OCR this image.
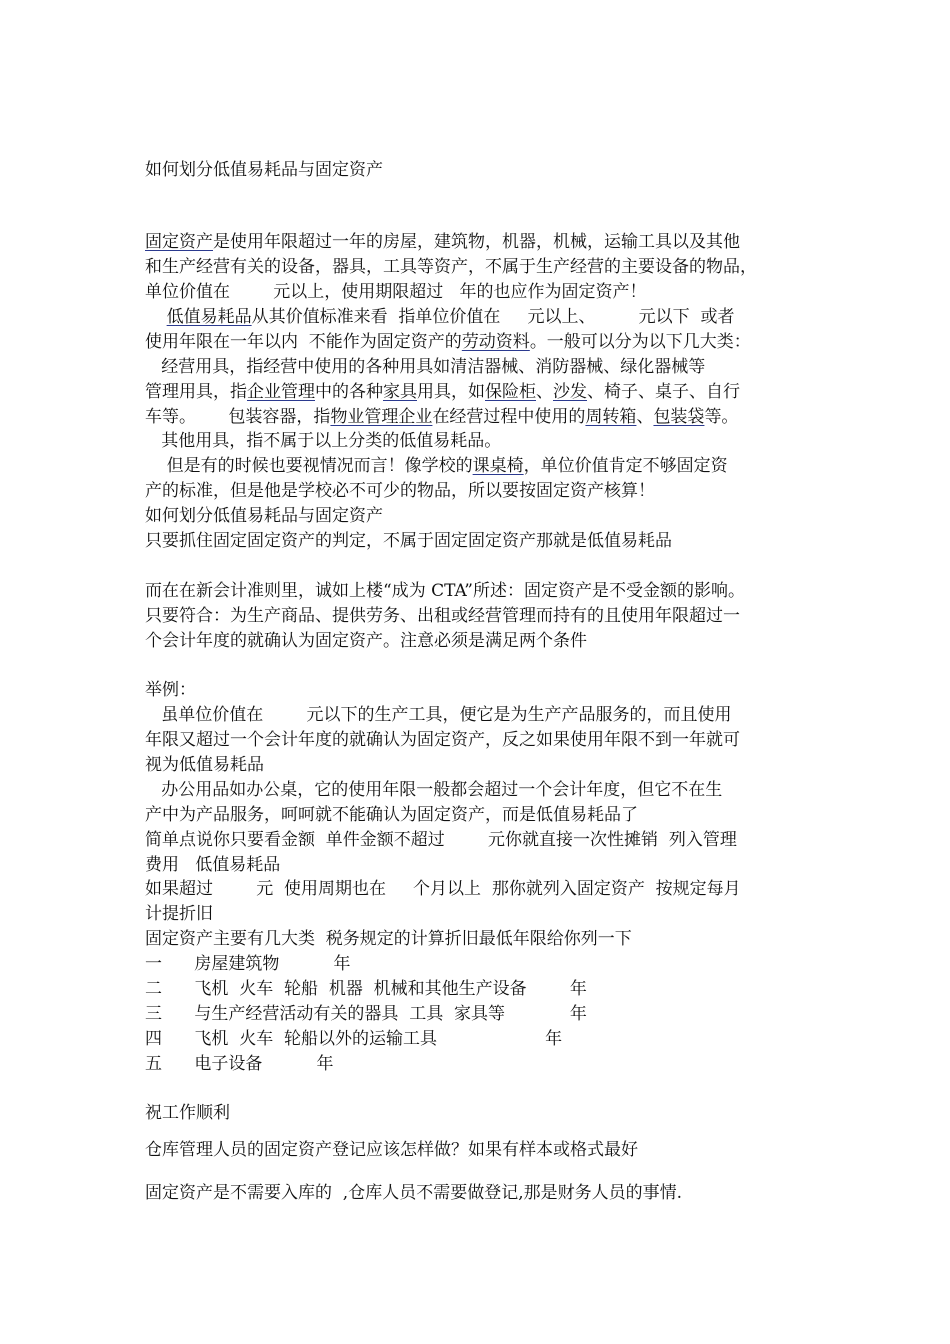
如何划分低值易耗品与固定资产
固定资产是使用年限超过一年的房屋，建筑物，机器，机械，运输工具以及其他
和生产经营有关的设备，器具，工具等资产，不属于生产经营的主要设备的物品，
单位价值在        元以上，使用期限超过   年的也应作为固定资产！
低值易耗品从其价值标准来看  指单位价值在     元以上、        元以下  或者
使用年限在一年以内  不能作为固定资产的劳动资料。一般可以分为以下几大类：
经营用具，指经营中使用的各种用具如清洁器械、消防器械、绿化器械等
管理用具，指企业管理中的各种家具用具，如保险柜、沙发、椅子、桌子、自行
车等。      包装容器，指物业管理企业在经营过程中使用的周转箱、包装袋等。
其他用具，指不属于以上分类的低值易耗品。
但是有的时候也要视情况而言！像学校的课桌椅，单位价值肯定不够固定资
产的标准，但是他是学校必不可少的物品，所以要按固定资产核算！
如何划分低值易耗品与固定资产
只要抓住固定固定资产的判定，不属于固定固定资产那就是低值易耗品
而在在新会计准则里，诚如上楼“成为 CTA”所述：固定资产是不受金额的影响。
只要符合：为生产商品、提供劳务、出租或经营管理而持有的且使用年限超过一
个会计年度的就确认为固定资产。注意必须是满足两个条件
举例：
虽单位价值在        元以下的生产工具，便它是为生产产品服务的，而且使用
年限又超过一个会计年度的就确认为固定资产，反之如果使用年限不到一年就可
视为低值易耗品
办公用品如办公桌，它的使用年限一般都会超过一个会计年度，但它不在生
产中为产品服务，呵呵就不能确认为固定资产，而是低值易耗品了
简单点说你只要看金额  单件金额不超过        元你就直接一次性摊销  列入管理
费用   低值易耗品
如果超过        元  使用周期也在     个月以上  那你就列入固定资产  按规定每月
计提折旧
固定资产主要有几大类  税务规定的计算折旧最低年限给你列一下
一      房屋建筑物          年
二      飞机  火车  轮船  机器  机械和其他生产设备        年
三      与生产经营活动有关的器具  工具  家具等            年
四      飞机  火车  轮船以外的运输工具                    年
五      电子设备          年
祝工作顺利
仓库管理人员的固定资产登记应该怎样做？如果有样本或格式最好
固定资产是不需要入库的  ,仓库人员不需要做登记,那是财务人员的事情.
